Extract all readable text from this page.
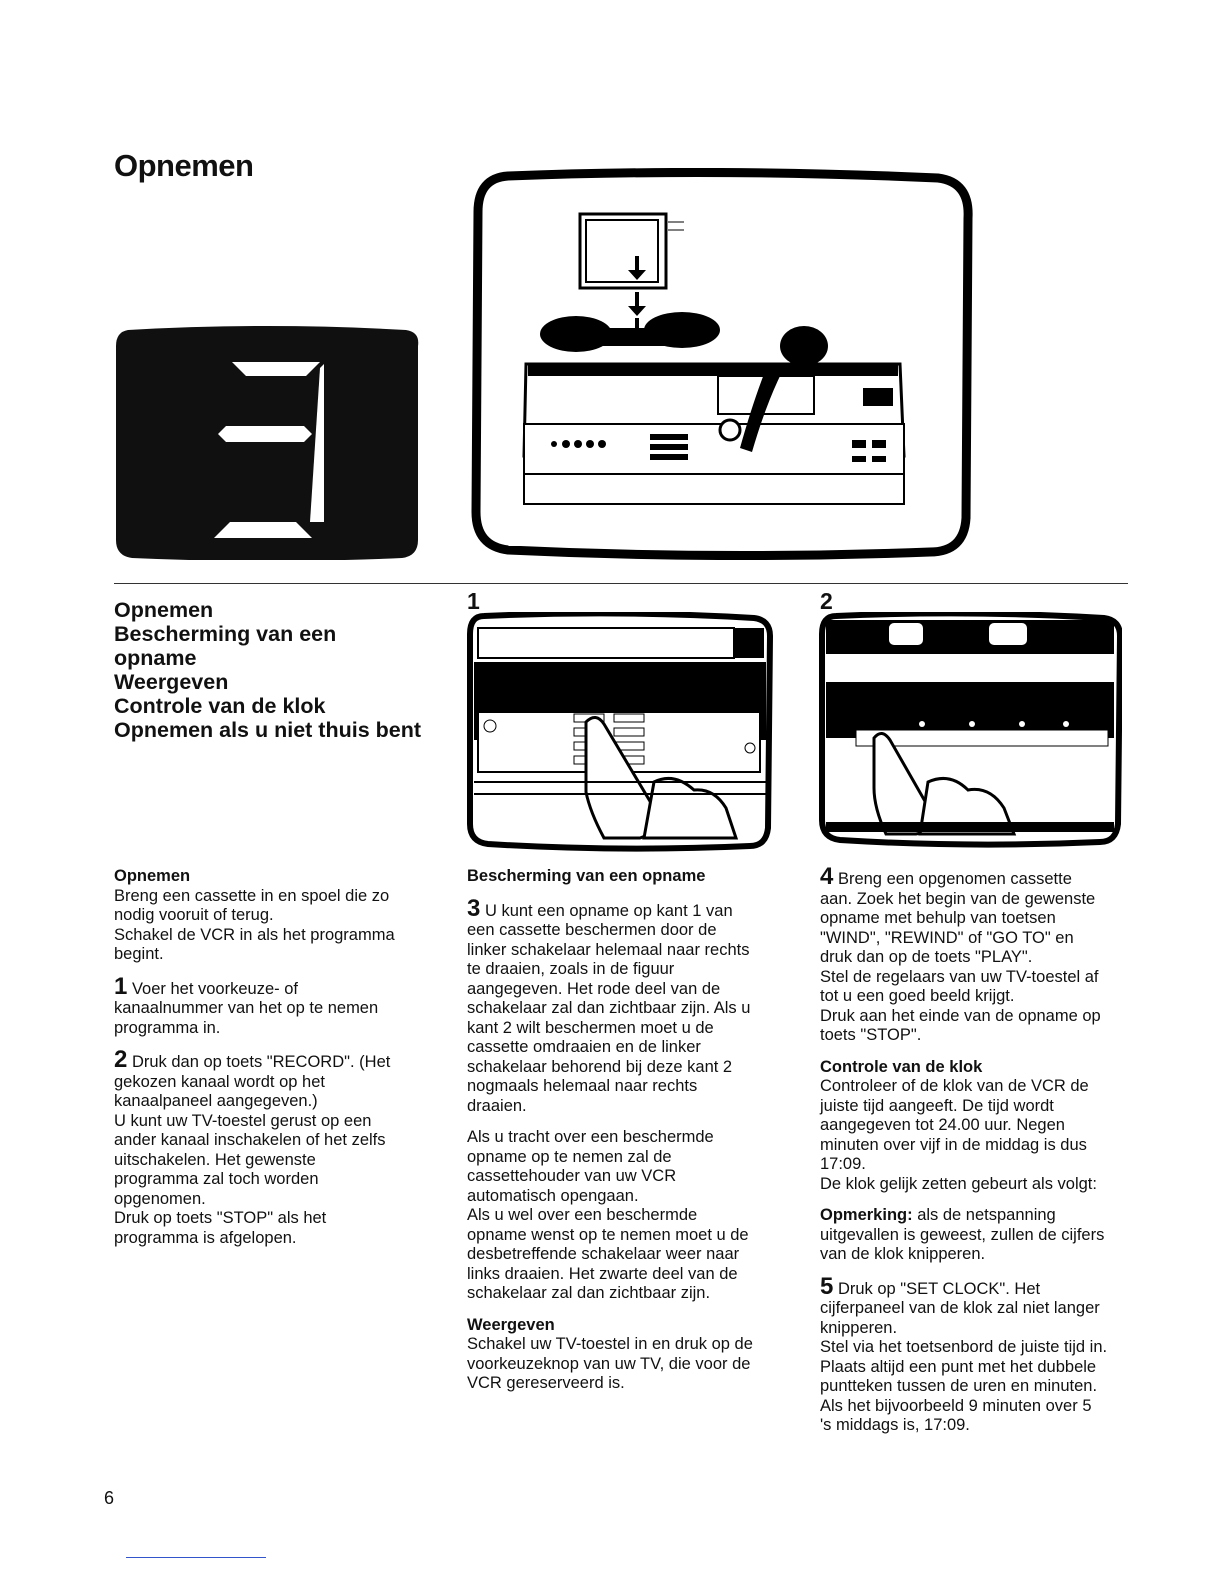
Opnemen
Opnemen
Bescherming van een
opname
Weergeven
Controle van de klok
Opnemen als u niet thuis bent
1	2

Opnemen

Breng een cassette in en spoel die zo

nodig vooruit of terug.

Schakel de VCR in als het programma

begint.

1 Voer het voorkeuze- of

kanaalnummer van het op te nemen

programma in.

2 Druk dan op toets "RECORD". (Het

gekozen kanaal wordt op het

kanaalpaneel aangegeven.)

U kunt uw TV-toestel gerust op een

ander kanaal inschakelen of het zelfs

uitschakelen. Het gewenste

programma zal toch worden

opgenomen.

Druk op toets "STOP" als het

programma is afgelopen.

Bescherming van een opname

3 U kunt een opname op kant 1 van

een cassette beschermen door de

linker schakelaar helemaal naar rechts

te draaien, zoals in de figuur

aangegeven. Het rode deel van de

schakelaar zal dan zichtbaar zijn. Als u

kant 2 wilt beschermen moet u de

cassette omdraaien en de linker

schakelaar behorend bij deze kant 2

nogmaals helemaal naar rechts

draaien.

Als u tracht over een beschermde

opname op te nemen zal de

cassettehouder van uw VCR

automatisch opengaan.

Als u wel over een beschermde

opname wenst op te nemen moet u de

desbetreffende schakelaar weer naar

links draaien. Het zwarte deel van de

schakelaar zal dan zichtbaar zijn.

Weergeven

Schakel uw TV-toestel in en druk op de

voorkeuzeknop van uw TV, die voor de

VCR gereserveerd is.

4 Breng een opgenomen cassette

aan. Zoek het begin van de gewenste

opname met behulp van toetsen

"WIND", "REWIND" of "GO TO" en

druk dan op de toets "PLAY".

Stel de regelaars van uw TV-toestel af

tot u een goed beeld krijgt.

Druk aan het einde van de opname op

toets "STOP".

Controle van de klok

Controleer of de klok van de VCR de

juiste tijd aangeeft. De tijd wordt

aangegeven tot 24.00 uur. Negen

minuten over vijf in de middag is dus

17:09.

De klok gelijk zetten gebeurt als volgt:

Opmerking: als de netspanning

uitgevallen is geweest, zullen de cijfers

van de klok knipperen.

5 Druk op "SET CLOCK". Het

cijferpaneel van de klok zal niet langer

knipperen.

Stel via het toetsenbord de juiste tijd in.

Plaats altijd een punt met het dubbele

puntteken tussen de uren en minuten.

Als het bijvoorbeeld 9 minuten over 5

's middags is, 17:09.

6
